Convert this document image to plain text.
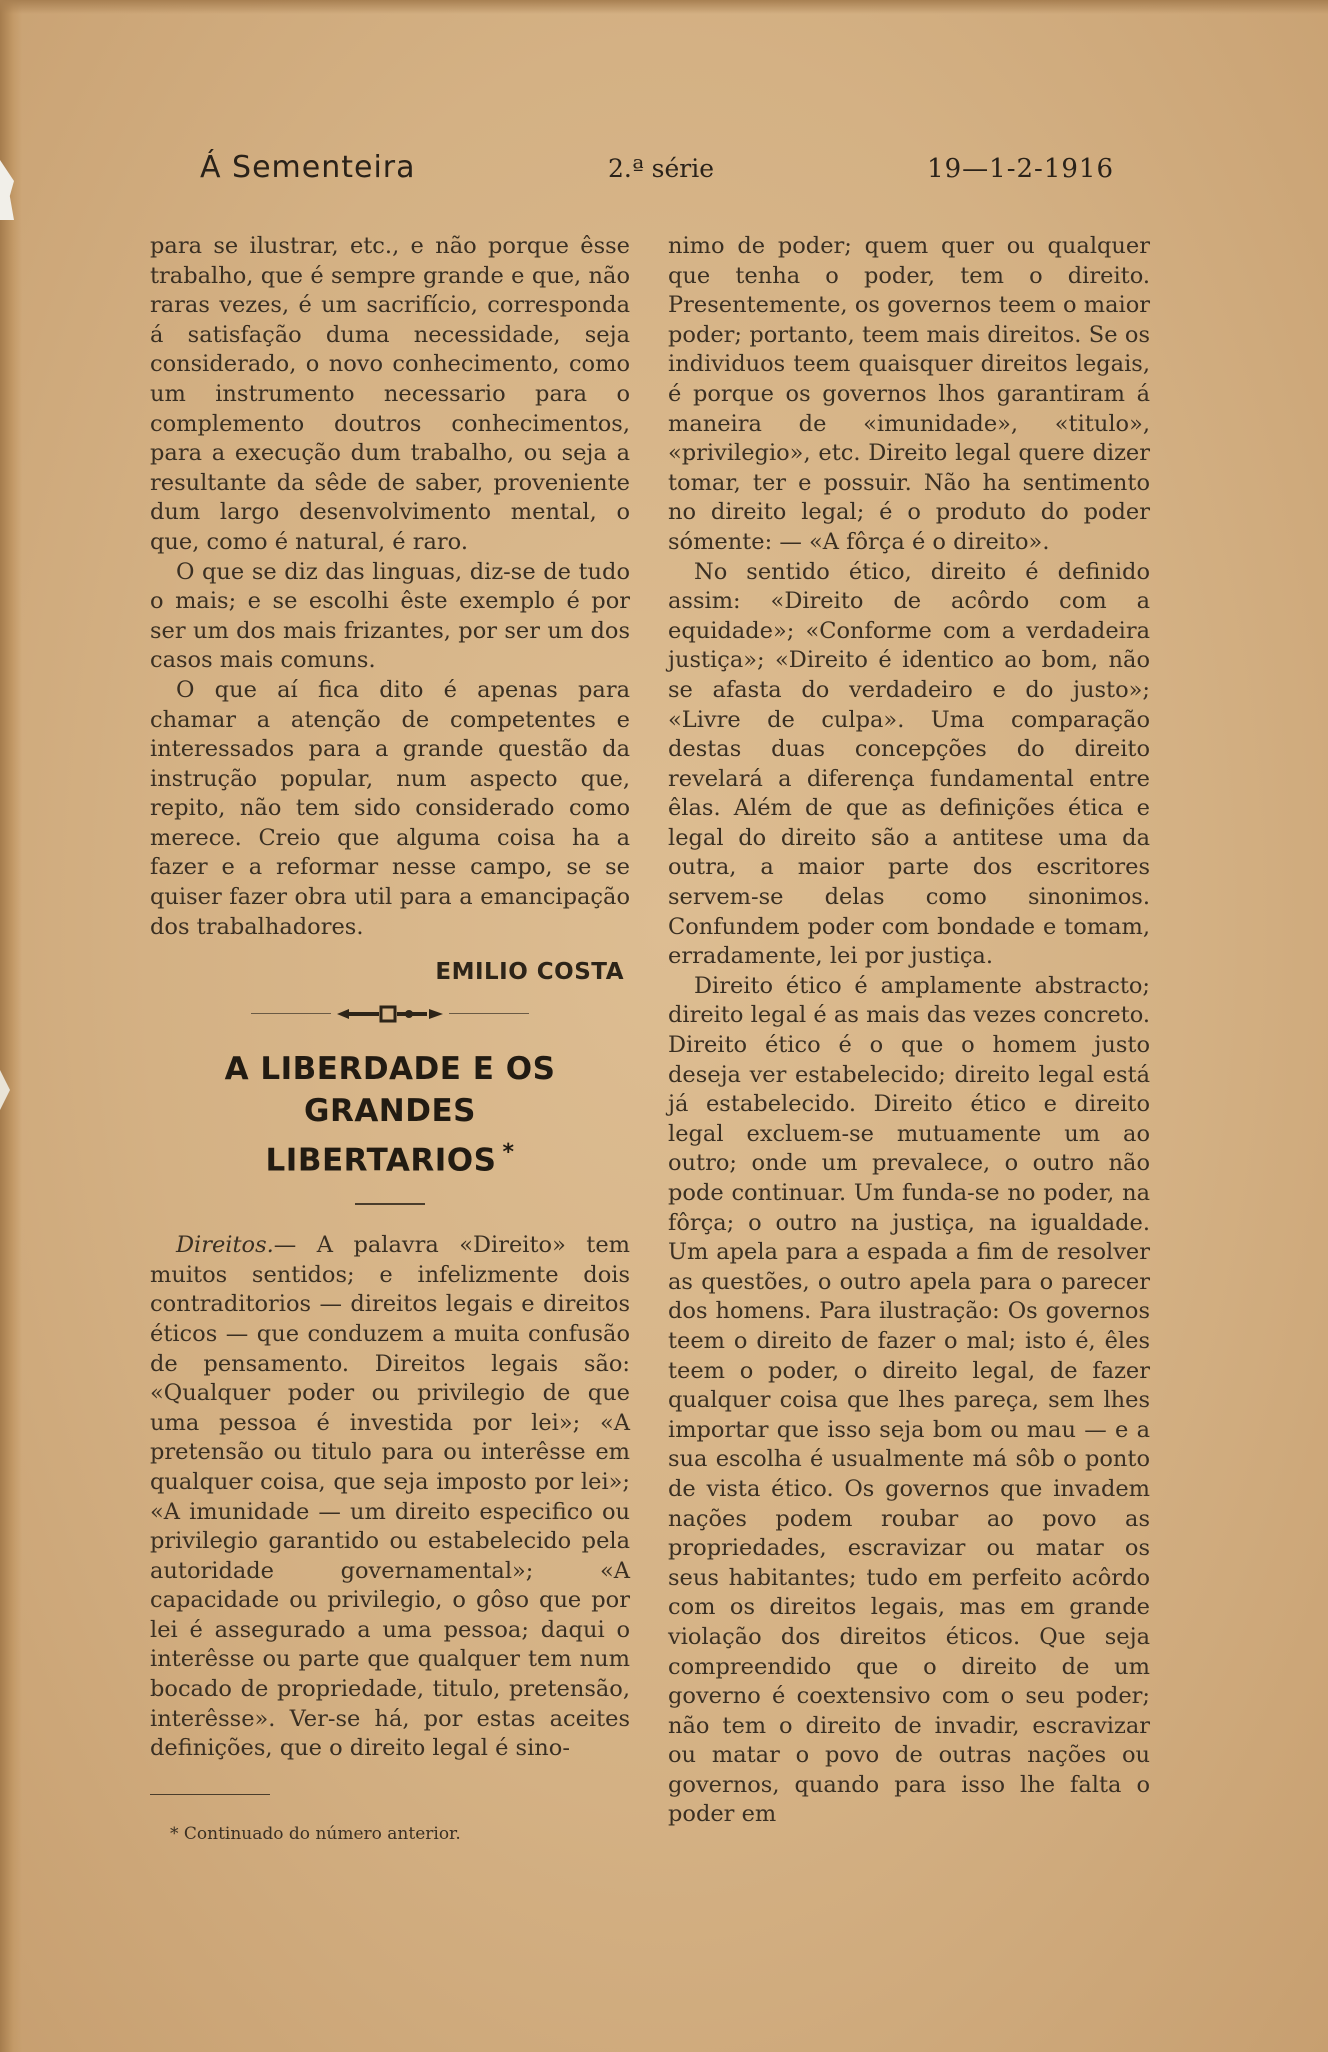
Á Sementeira	2.ª série	19—1-2-1916

para se ilustrar, etc., e não porque êsse trabalho, que é sempre grande e que, não raras vezes, é um sacrifício, corresponda á satisfação duma necessidade, seja considerado, o novo conhecimento, como um instrumento necessario para o complemento doutros conhecimentos, para a execução dum trabalho, ou seja a resultante da sêde de saber, proveniente dum largo desenvolvimento mental, o que, como é natural, é raro.

O que se diz das linguas, diz-se de tudo o mais; e se escolhi êste exemplo é por ser um dos mais frizantes, por ser um dos casos mais comuns.

O que aí fica dito é apenas para chamar a atenção de competentes e interessados para a grande questão da instrução popular, num aspecto que, repito, não tem sido considerado como merece. Creio que alguma coisa ha a fazer e a reformar nesse campo, se se quiser fazer obra util para a emancipação dos trabalhadores.

EMILIO COSTA
A LIBERDADE E OS GRANDES
LIBERTARIOS *

Direitos.— A palavra «Direito» tem muitos sentidos; e infelizmente dois contraditorios — direitos legais e direitos éticos — que conduzem a muita confusão de pensamento. Direitos legais são: «Qualquer poder ou privilegio de que uma pessoa é investida por lei»; «A pretensão ou titulo para ou interêsse em qualquer coisa, que seja imposto por lei»; «A imunidade — um direito especifico ou privilegio garantido ou estabelecido pela autoridade governamental»; «A capacidade ou privilegio, o gôso que por lei é assegurado a uma pessoa; daqui o interêsse ou parte que qualquer tem num bocado de propriedade, titulo, pretensão, interêsse». Ver-se há, por estas aceites definições, que o direito legal é sino-

* Continuado do número anterior.

nimo de poder; quem quer ou qualquer que tenha o poder, tem o direito. Presentemente, os governos teem o maior poder; portanto, teem mais direitos. Se os individuos teem quaisquer direitos legais, é porque os governos lhos garantiram á maneira de «imunidade», «titulo», «privilegio», etc. Direito legal quere dizer tomar, ter e possuir. Não ha sentimento no direito legal; é o produto do poder sómente: — «A fôrça é o direito».

No sentido ético, direito é definido assim: «Direito de acôrdo com a equidade»; «Conforme com a verdadeira justiça»; «Direito é identico ao bom, não se afasta do verdadeiro e do justo»; «Livre de culpa». Uma comparação destas duas concepções do direito revelará a diferença fundamental entre êlas. Além de que as definições ética e legal do direito são a antitese uma da outra, a maior parte dos escritores servem-se delas como sinonimos. Confundem poder com bondade e tomam, erradamente, lei por justiça.

Direito ético é amplamente abstracto; direito legal é as mais das vezes concreto. Direito ético é o que o homem justo deseja ver estabelecido; direito legal está já estabelecido. Direito ético e direito legal excluem-se mutuamente um ao outro; onde um prevalece, o outro não pode continuar. Um funda-se no poder, na fôrça; o outro na justiça, na igualdade. Um apela para a espada a fim de resolver as questões, o outro apela para o parecer dos homens. Para ilustração: Os governos teem o direito de fazer o mal; isto é, êles teem o poder, o direito legal, de fazer qualquer coisa que lhes pareça, sem lhes importar que isso seja bom ou mau — e a sua escolha é usualmente má sôb o ponto de vista ético. Os governos que invadem nações podem roubar ao povo as propriedades, escravizar ou matar os seus habitantes; tudo em perfeito acôrdo com os direitos legais, mas em grande violação dos direitos éticos. Que seja compreendido que o direito de um governo é coextensivo com o seu poder; não tem o direito de invadir, escravizar ou matar o povo de outras nações ou governos, quando para isso lhe falta o poder em
